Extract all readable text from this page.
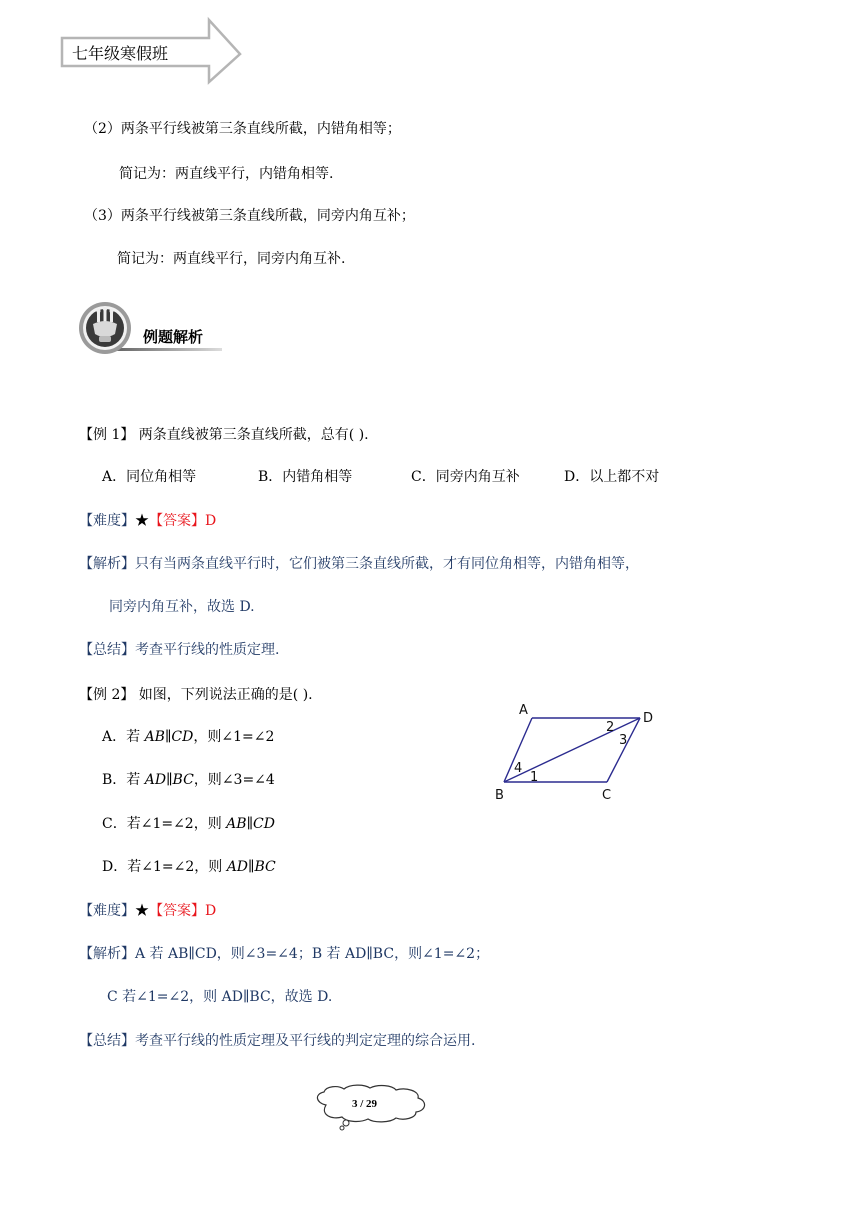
七年级寒假班
（2）两条平行线被第三条直线所截，内错角相等；
简记为：两直线平行，内错角相等.
（3）两条平行线被第三条直线所截，同旁内角互补；
简记为：两直线平行，同旁内角互补.
例题解析
【例 1】 两条直线被第三条直线所截，总有( ).
A．同位角相等	B．内错角相等	C．同旁内角互补	D．以上都不对
【难度】★【答案】D
【解析】只有当两条直线平行时，它们被第三条直线所截，才有同位角相等，内错角相等，
同旁内角互补，故选 D.
【总结】考查平行线的性质定理.
【例 2】 如图，下列说法正确的是( ).
A．若 AB∥CD，则∠1=∠2
B．若 AD∥BC，则∠3=∠4
C．若∠1=∠2，则 AB∥CD
D．若∠1=∠2，则 AD∥BC
A
D
B	C
2
3
4
1
【难度】★【答案】D
【解析】A 若 AB∥CD，则∠3=∠4；B 若 AD∥BC，则∠1=∠2；
C 若∠1=∠2，则 AD∥BC，故选 D.
【总结】考查平行线的性质定理及平行线的判定定理的综合运用.
3 / 29
